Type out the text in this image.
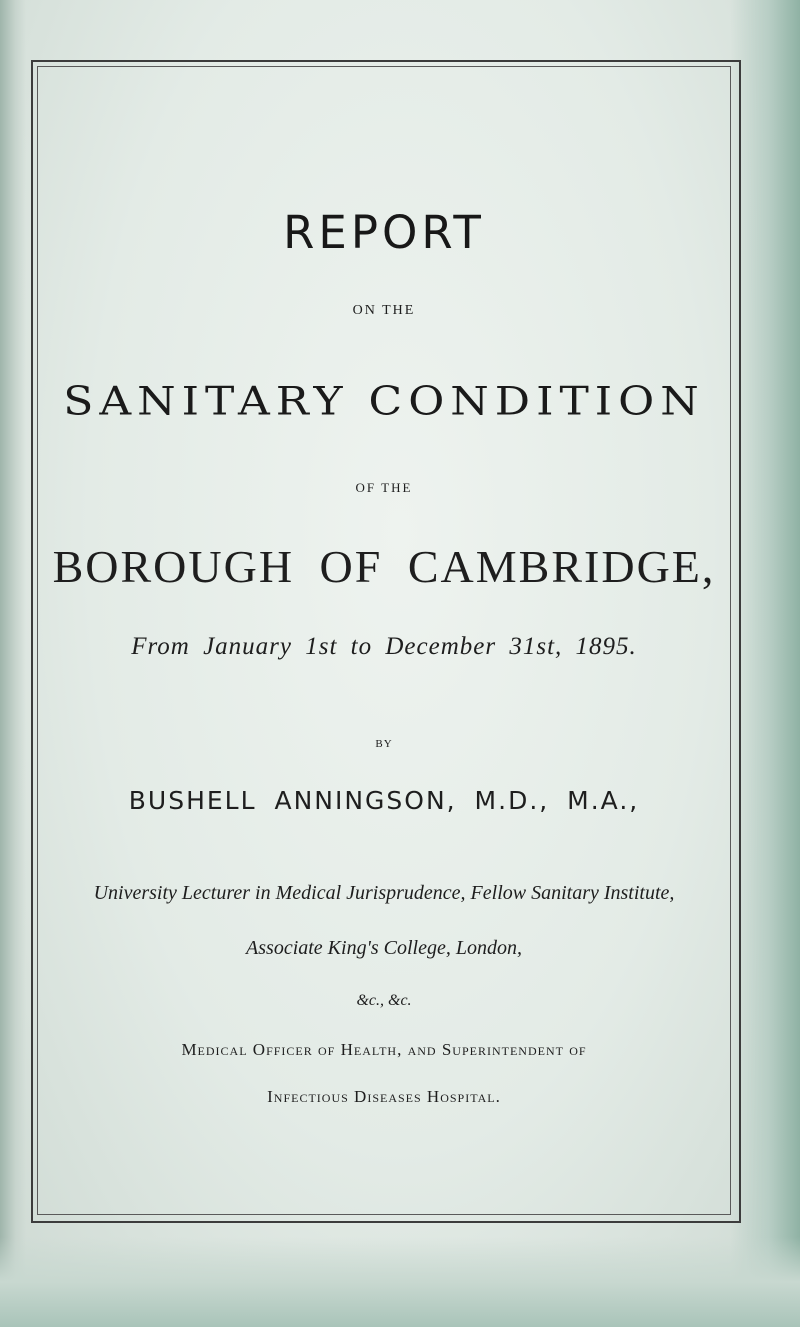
REPORT
ON THE
SANITARY CONDITION
OF THE
BOROUGH OF CAMBRIDGE,
From January 1st to December 31st, 1895.
BY
BUSHELL ANNINGSON, M.D., M.A.,
University Lecturer in Medical Jurisprudence, Fellow Sanitary Institute,
Associate King's College, London,
&c., &c.
Medical Officer of Health, and Superintendent of
Infectious Diseases Hospital.
